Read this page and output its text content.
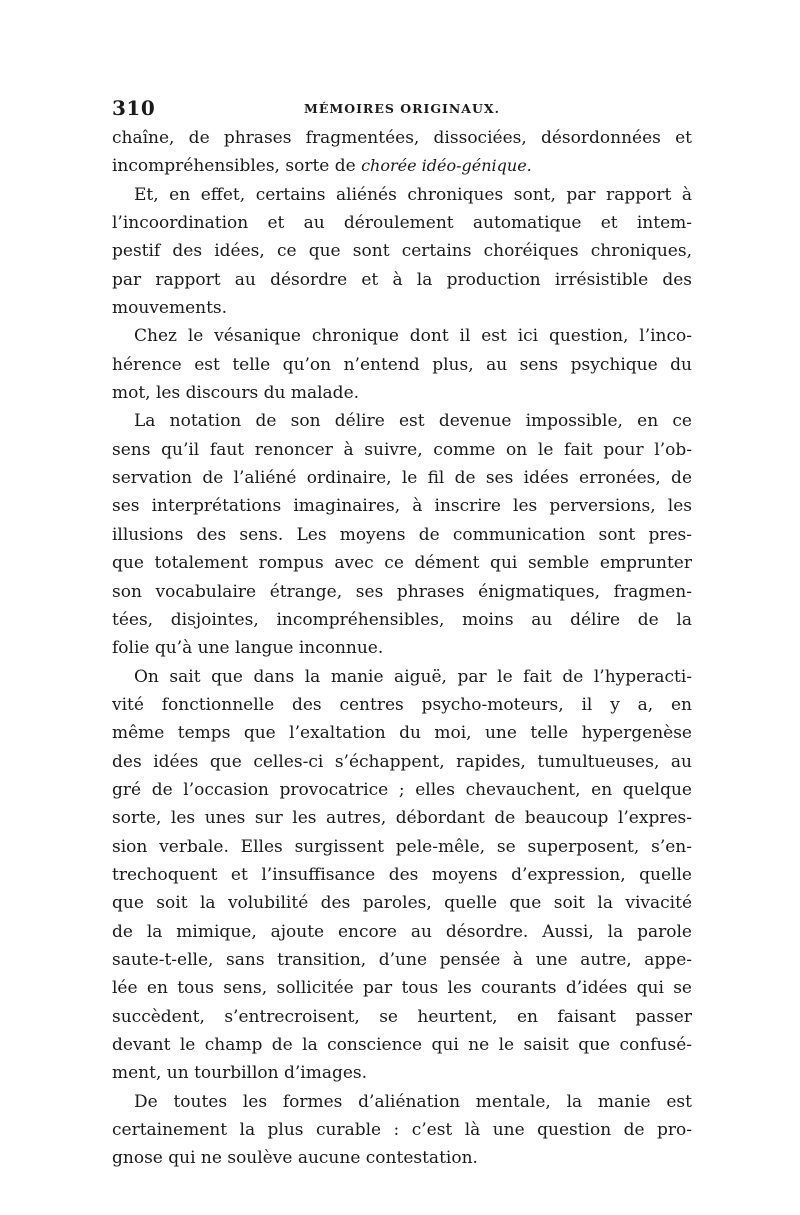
310	MÉMOIRES ORIGINAUX.
chaîne, de phrases fragmentées, dissociées, désordonnées et
incompréhensibles, sorte de chorée idéo-génique.
Et, en effet, certains aliénés chroniques sont, par rapport à
l’incoordination et au déroulement automatique et intem-
pestif des idées, ce que sont certains choréiques chroniques,
par rapport au désordre et à la production irrésistible des
mouvements.
Chez le vésanique chronique dont il est ici question, l’inco-
hérence est telle qu’on n’entend plus, au sens psychique du
mot, les discours du malade.
La notation de son délire est devenue impossible, en ce
sens qu’il faut renoncer à suivre, comme on le fait pour l’ob-
servation de l’aliéné ordinaire, le fil de ses idées erronées, de
ses interprétations imaginaires, à inscrire les perversions, les
illusions des sens. Les moyens de communication sont pres-
que totalement rompus avec ce dément qui semble emprunter
son vocabulaire étrange, ses phrases énigmatiques, fragmen-
tées, disjointes, incompréhensibles, moins au délire de la
folie qu’à une langue inconnue.
On sait que dans la manie aiguë, par le fait de l’hyperacti-
vité fonctionnelle des centres psycho-moteurs, il y a, en
même temps que l’exaltation du moi, une telle hypergenèse
des idées que celles-ci s’échappent, rapides, tumultueuses, au
gré de l’occasion provocatrice ; elles chevauchent, en quelque
sorte, les unes sur les autres, débordant de beaucoup l’expres-
sion verbale. Elles surgissent pele-mêle, se superposent, s’en-
trechoquent et l’insuffisance des moyens d’expression, quelle
que soit la volubilité des paroles, quelle que soit la vivacité
de la mimique, ajoute encore au désordre. Aussi, la parole
saute-t-elle, sans transition, d’une pensée à une autre, appe-
lée en tous sens, sollicitée par tous les courants d’idées qui se
succèdent, s’entrecroisent, se heurtent, en faisant passer
devant le champ de la conscience qui ne le saisit que confusé-
ment, un tourbillon d’images.
De toutes les formes d’aliénation mentale, la manie est
certainement la plus curable : c’est là une question de pro-
gnose qui ne soulève aucune contestation.
